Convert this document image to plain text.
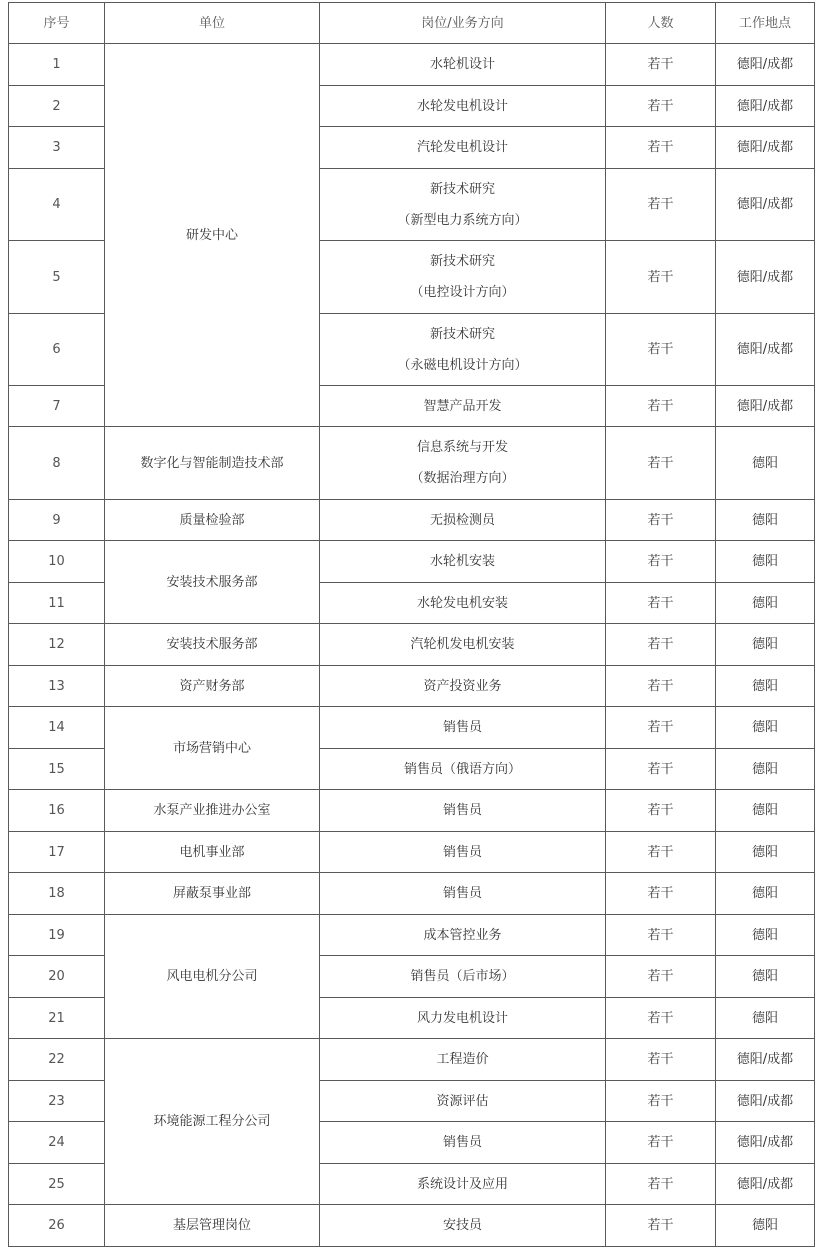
序号	单位	岗位/业务方向	人数	工作地点
1	研发中心	水轮机设计	若干	德阳/成都
2		水轮发电机设计	若干	德阳/成都
3		汽轮发电机设计	若干	德阳/成都
4		新技术研究
（新型电力系统方向）	若干	德阳/成都
5		新技术研究
（电控设计方向）	若干	德阳/成都
6		新技术研究
（永磁电机设计方向）	若干	德阳/成都
7		智慧产品开发	若干	德阳/成都
8	数字化与智能制造技术部	信息系统与开发
（数据治理方向）	若干	德阳
9	质量检验部	无损检测员	若干	德阳
10	安装技术服务部	水轮机安装	若干	德阳
11		水轮发电机安装	若干	德阳
12	安装技术服务部	汽轮机发电机安装	若干	德阳
13	资产财务部	资产投资业务	若干	德阳
14	市场营销中心	销售员	若干	德阳
15		销售员（俄语方向）	若干	德阳
16	水泵产业推进办公室	销售员	若干	德阳
17	电机事业部	销售员	若干	德阳
18	屏蔽泵事业部	销售员	若干	德阳
19	风电电机分公司	成本管控业务	若干	德阳
20		销售员（后市场）	若干	德阳
21		风力发电机设计	若干	德阳
22	环境能源工程分公司	工程造价	若干	德阳/成都
23		资源评估	若干	德阳/成都
24		销售员	若干	德阳/成都
25		系统设计及应用	若干	德阳/成都
26	基层管理岗位	安技员	若干	德阳
